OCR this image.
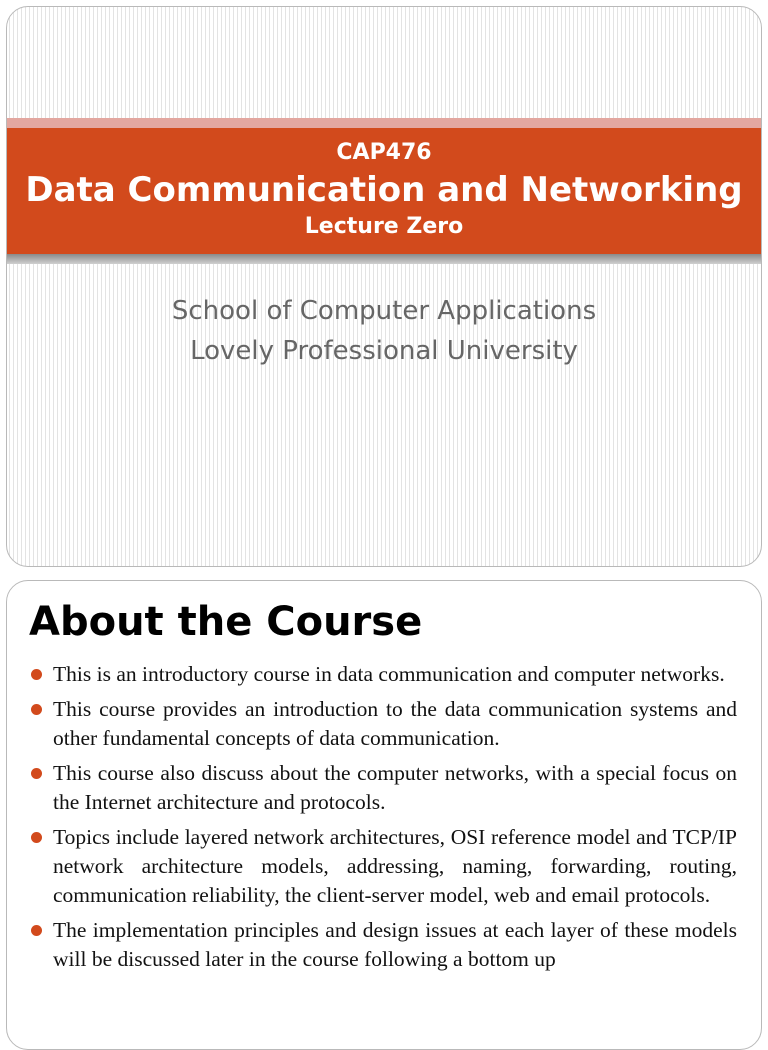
CAP476
Data Communication and Networking
Lecture Zero
School of Computer Applications
Lovely Professional University
About the Course
This is an introductory course in data communication and computer networks.
This course provides an introduction to the data communication systems and other fundamental concepts of data communication.
This course also discuss about the computer networks, with a special focus on the Internet architecture and protocols.
Topics include layered network architectures, OSI reference model and TCP/IP network architecture models, addressing, naming, forwarding, routing, communication reliability, the client-server model, web and email protocols.
The implementation principles and design issues at each layer of these models will be discussed later in the course following a bottom up
